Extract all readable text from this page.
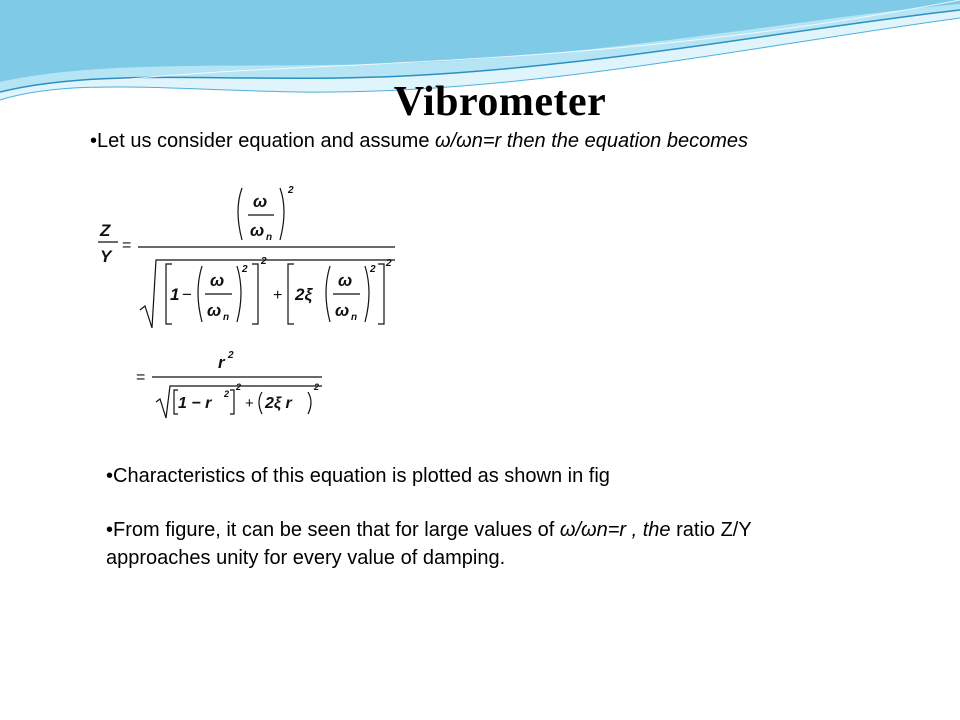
Vibrometer
•Let us consider equation and assume ω/ωn=r then the equation becomes
Z
Y
=
ω
ω n
2
1 −
ω
ω n
2
2
+ 2ξ
ω
ω n
2
2
=
r 2
1 − r
2
2
+ 2ξ r
2
•Characteristics of this equation is plotted as shown in fig
•From figure, it can be seen that for large values of ω/ωn=r , the ratio Z/Y approaches unity for every value of damping.
